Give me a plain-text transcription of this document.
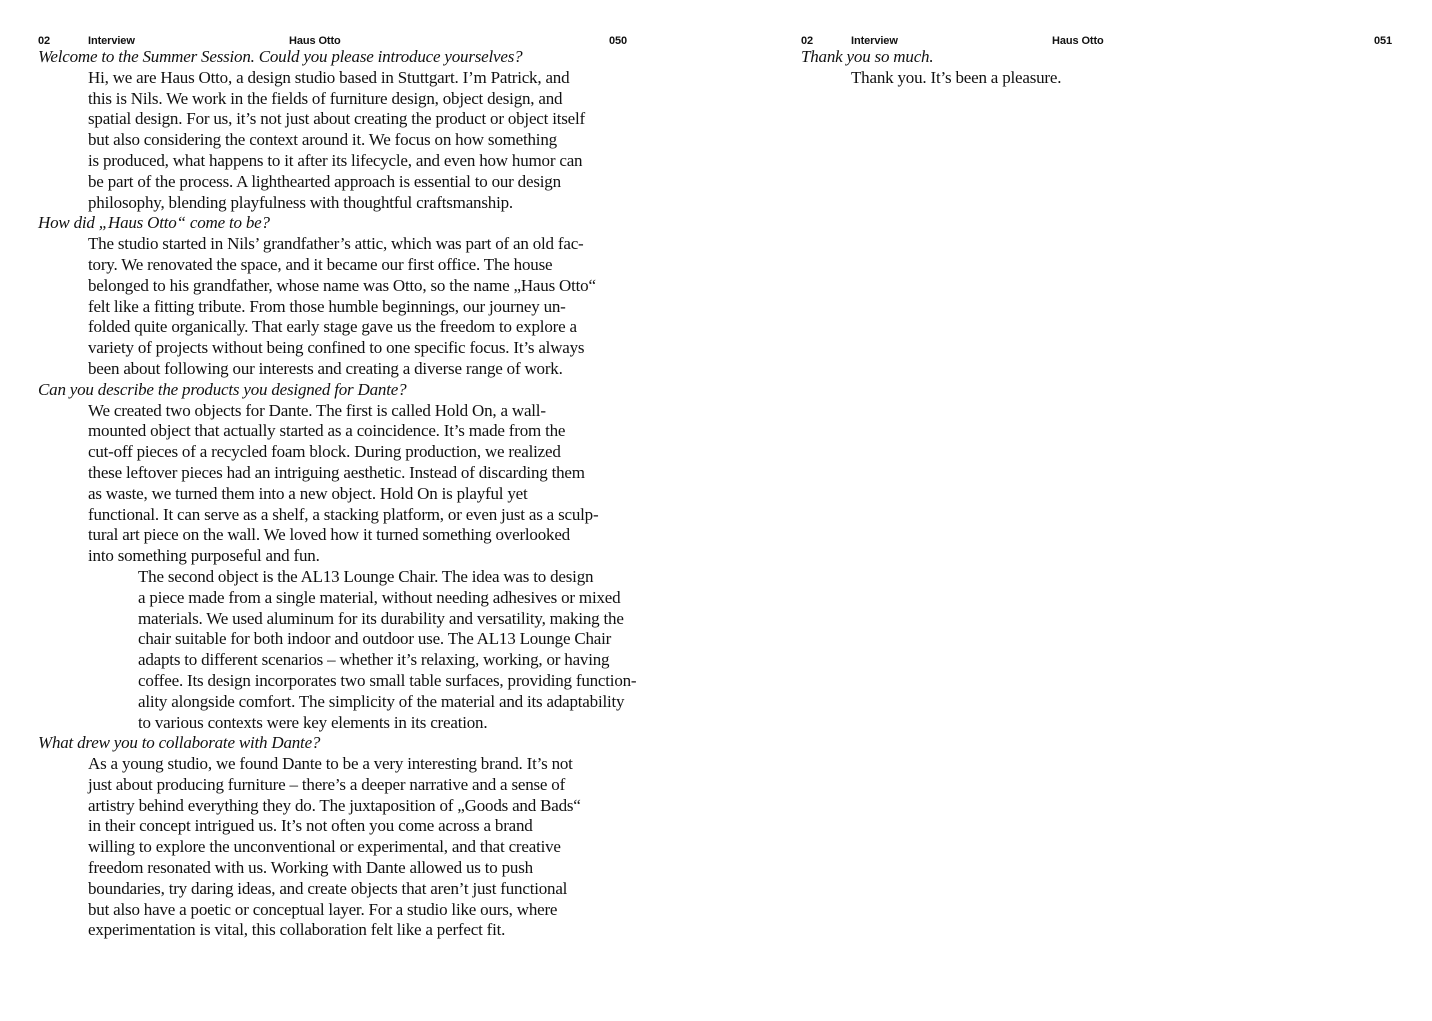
02	Interview	Haus Otto	050
Welcome to the Summer Session. Could you please introduce yourselves?

Hi, we are Haus Otto, a design studio based in Stuttgart. I’m Patrick, and
this is Nils. We work in the fields of furniture design, object design, and
spatial design. For us, it’s not just about creating the product or object itself
but also considering the context around it. We focus on how something
is produced, what happens to it after its lifecycle, and even how humor can
be part of the process. A lighthearted approach is essential to our design
philosophy, blending playfulness with thoughtful craftsmanship.

How did „Haus Otto“ come to be?

The studio started in Nils’ grandfather’s attic, which was part of an old fac-
tory. We renovated the space, and it became our first office. The house
belonged to his grandfather, whose name was Otto, so the name „Haus Otto“
felt like a fitting tribute. From those humble beginnings, our journey un-
folded quite organically. That early stage gave us the freedom to explore a
variety of projects without being confined to one specific focus. It’s always
been about following our interests and creating a diverse range of work.

Can you describe the products you designed for Dante?

We created two objects for Dante. The first is called Hold On, a wall-
mounted object that actually started as a coincidence. It’s made from the
cut-off pieces of a recycled foam block. During production, we realized
these leftover pieces had an intriguing aesthetic. Instead of discarding them
as waste, we turned them into a new object. Hold On is playful yet
functional. It can serve as a shelf, a stacking platform, or even just as a sculp-
tural art piece on the wall. We loved how it turned something overlooked
into something purposeful and fun.

The second object is the AL13 Lounge Chair. The idea was to design
a piece made from a single material, without needing adhesives or mixed
materials. We used aluminum for its durability and versatility, making the
chair suitable for both indoor and outdoor use. The AL13 Lounge Chair
adapts to different scenarios – whether it’s relaxing, working, or having
coffee. Its design incorporates two small table surfaces, providing function-
ality alongside comfort. The simplicity of the material and its adaptability
to various contexts were key elements in its creation.

What drew you to collaborate with Dante?

As a young studio, we found Dante to be a very interesting brand. It’s not
just about producing furniture – there’s a deeper narrative and a sense of
artistry behind everything they do. The juxtaposition of „Goods and Bads“
in their concept intrigued us. It’s not often you come across a brand
willing to explore the unconventional or experimental, and that creative
freedom resonated with us. Working with Dante allowed us to push
boundaries, try daring ideas, and create objects that aren’t just functional
but also have a poetic or conceptual layer. For a studio like ours, where
experimentation is vital, this collaboration felt like a perfect fit.

02	Interview	Haus Otto	051
Thank you so much.

Thank you. It’s been a pleasure.
